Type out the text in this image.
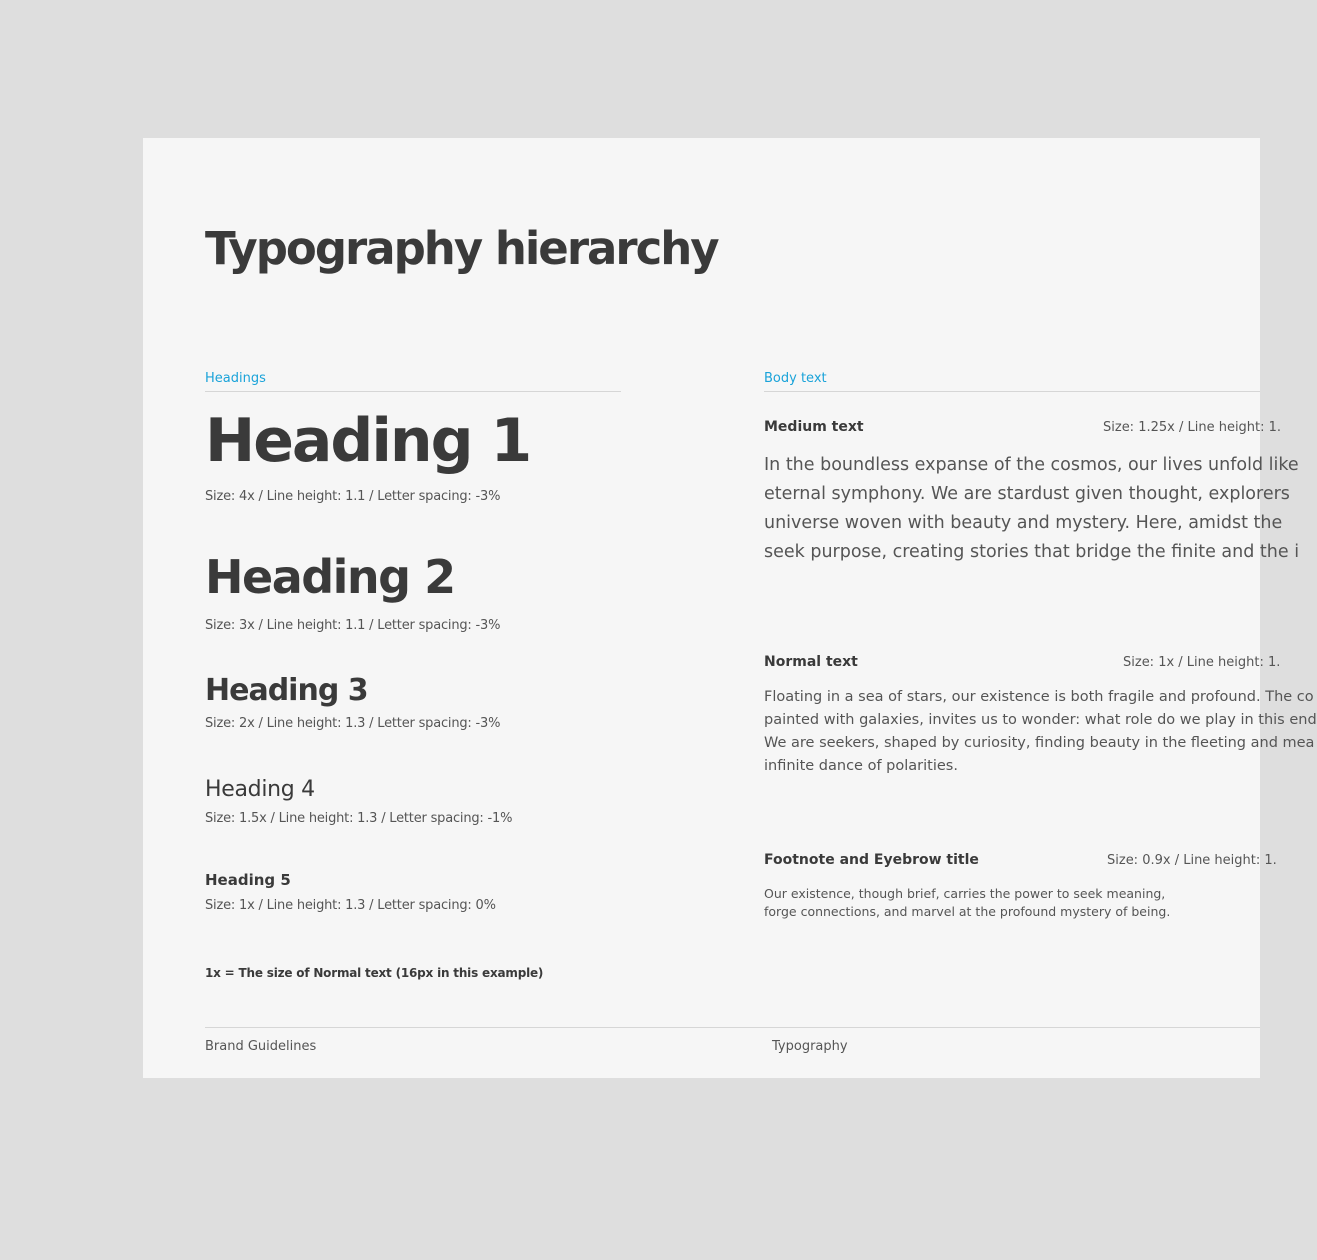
Typography hierarchy
Headings
Heading 1
Size: 4x / Line height: 1.1 / Letter spacing: -3%
Heading 2
Size: 3x / Line height: 1.1 / Letter spacing: -3%
Heading 3
Size: 2x / Line height: 1.3 / Letter spacing: -3%
Heading 4
Size: 1.5x / Line height: 1.3 / Letter spacing: -1%
Heading 5
Size: 1x / Line height: 1.3 / Letter spacing: 0%
1x = The size of Normal text (16px in this example)
Body text
Medium text	Size: 1.25x / Line height: 1.
In the boundless expanse of the cosmos, our lives unfold like
eternal symphony. We are stardust given thought, explorers
universe woven with beauty and mystery. Here, amidst the
seek purpose, creating stories that bridge the finite and the i
Normal text	Size: 1x / Line height: 1.
Floating in a sea of stars, our existence is both fragile and profound. The co
painted with galaxies, invites us to wonder: what role do we play in this end
We are seekers, shaped by curiosity, finding beauty in the fleeting and mea
infinite dance of polarities.
Footnote and Eyebrow title	Size: 0.9x / Line height: 1.
Our existence, though brief, carries the power to seek meaning,
forge connections, and marvel at the profound mystery of being.
Brand Guidelines	Typography
